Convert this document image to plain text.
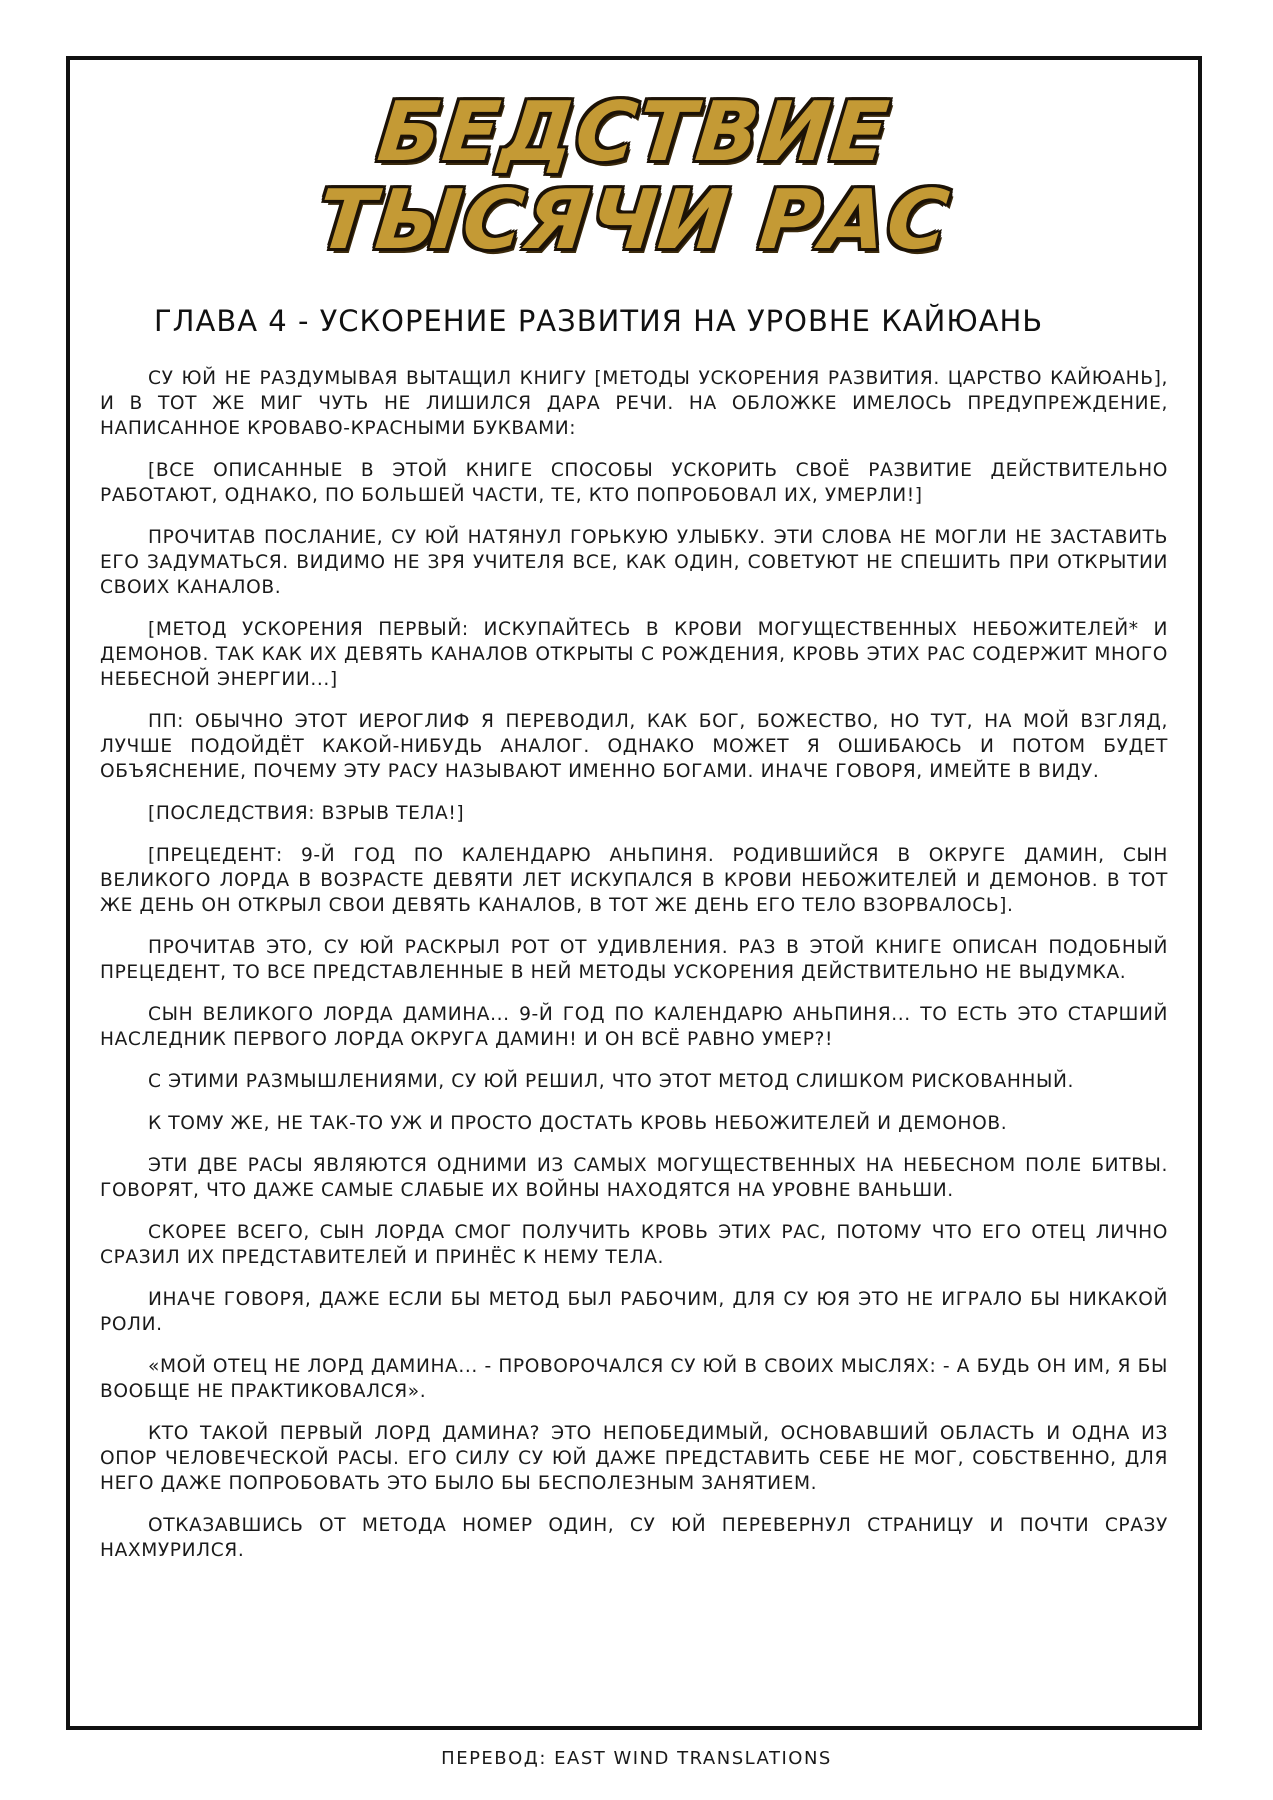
БЕДСТВИЕ
ТЫСЯЧИ РАС
ГЛАВА 4 - УСКОРЕНИЕ РАЗВИТИЯ НА УРОВНЕ КАЙЮАНЬ

СУ ЮЙ НЕ РАЗДУМЫВАЯ ВЫТАЩИЛ КНИГУ [МЕТОДЫ УСКОРЕНИЯ РАЗВИТИЯ. ЦАРСТВО КАЙЮАНЬ], И В ТОТ ЖЕ МИГ ЧУТЬ НЕ ЛИШИЛСЯ ДАРА РЕЧИ. НА ОБЛОЖКЕ ИМЕЛОСЬ ПРЕДУПРЕЖДЕНИЕ, НАПИСАННОЕ КРОВАВО-КРАСНЫМИ БУКВАМИ:

[ВСЕ ОПИСАННЫЕ В ЭТОЙ КНИГЕ СПОСОБЫ УСКОРИТЬ СВОЁ РАЗВИТИЕ ДЕЙСТВИТЕЛЬНО РАБОТАЮТ, ОДНАКО, ПО БОЛЬШЕЙ ЧАСТИ, ТЕ, КТО ПОПРОБОВАЛ ИХ, УМЕРЛИ!]

ПРОЧИТАВ ПОСЛАНИЕ, СУ ЮЙ НАТЯНУЛ ГОРЬКУЮ УЛЫБКУ. ЭТИ СЛОВА НЕ МОГЛИ НЕ ЗАСТАВИТЬ ЕГО ЗАДУМАТЬСЯ. ВИДИМО НЕ ЗРЯ УЧИТЕЛЯ ВСЕ, КАК ОДИН, СОВЕТУЮТ НЕ СПЕШИТЬ ПРИ ОТКРЫТИИ СВОИХ КАНАЛОВ.

[МЕТОД УСКОРЕНИЯ ПЕРВЫЙ: ИСКУПАЙТЕСЬ В КРОВИ МОГУЩЕСТВЕННЫХ НЕБОЖИТЕЛЕЙ* И ДЕМОНОВ. ТАК КАК ИХ ДЕВЯТЬ КАНАЛОВ ОТКРЫТЫ С РОЖДЕНИЯ, КРОВЬ ЭТИХ РАС СОДЕРЖИТ МНОГО НЕБЕСНОЙ ЭНЕРГИИ...]

ПП: ОБЫЧНО ЭТОТ ИЕРОГЛИФ Я ПЕРЕВОДИЛ, КАК БОГ, БОЖЕСТВО, НО ТУТ, НА МОЙ ВЗГЛЯД, ЛУЧШЕ ПОДОЙДЁТ КАКОЙ-НИБУДЬ АНАЛОГ. ОДНАКО МОЖЕТ Я ОШИБАЮСЬ И ПОТОМ БУДЕТ ОБЪЯСНЕНИЕ, ПОЧЕМУ ЭТУ РАСУ НАЗЫВАЮТ ИМЕННО БОГАМИ. ИНАЧЕ ГОВОРЯ, ИМЕЙТЕ В ВИДУ.

[ПОСЛЕДСТВИЯ: ВЗРЫВ ТЕЛА!]

[ПРЕЦЕДЕНТ: 9-Й ГОД ПО КАЛЕНДАРЮ АНЬПИНЯ. РОДИВШИЙСЯ В ОКРУГЕ ДАМИН, СЫН ВЕЛИКОГО ЛОРДА В ВОЗРАСТЕ ДЕВЯТИ ЛЕТ ИСКУПАЛСЯ В КРОВИ НЕБОЖИТЕЛЕЙ И ДЕМОНОВ. В ТОТ ЖЕ ДЕНЬ ОН ОТКРЫЛ СВОИ ДЕВЯТЬ КАНАЛОВ, В ТОТ ЖЕ ДЕНЬ ЕГО ТЕЛО ВЗОРВАЛОСЬ].

ПРОЧИТАВ ЭТО, СУ ЮЙ РАСКРЫЛ РОТ ОТ УДИВЛЕНИЯ. РАЗ В ЭТОЙ КНИГЕ ОПИСАН ПОДОБНЫЙ ПРЕЦЕДЕНТ, ТО ВСЕ ПРЕДСТАВЛЕННЫЕ В НЕЙ МЕТОДЫ УСКОРЕНИЯ ДЕЙСТВИТЕЛЬНО НЕ ВЫДУМКА.

СЫН ВЕЛИКОГО ЛОРДА ДАМИНА... 9-Й ГОД ПО КАЛЕНДАРЮ АНЬПИНЯ... ТО ЕСТЬ ЭТО СТАРШИЙ НАСЛЕДНИК ПЕРВОГО ЛОРДА ОКРУГА ДАМИН! И ОН ВСЁ РАВНО УМЕР?!

С ЭТИМИ РАЗМЫШЛЕНИЯМИ, СУ ЮЙ РЕШИЛ, ЧТО ЭТОТ МЕТОД СЛИШКОМ РИСКОВАННЫЙ.

К ТОМУ ЖЕ, НЕ ТАК-ТО УЖ И ПРОСТО ДОСТАТЬ КРОВЬ НЕБОЖИТЕЛЕЙ И ДЕМОНОВ.

ЭТИ ДВЕ РАСЫ ЯВЛЯЮТСЯ ОДНИМИ ИЗ САМЫХ МОГУЩЕСТВЕННЫХ НА НЕБЕСНОМ ПОЛЕ БИТВЫ. ГОВОРЯТ, ЧТО ДАЖЕ САМЫЕ СЛАБЫЕ ИХ ВОЙНЫ НАХОДЯТСЯ НА УРОВНЕ ВАНЬШИ.

СКОРЕЕ ВСЕГО, СЫН ЛОРДА СМОГ ПОЛУЧИТЬ КРОВЬ ЭТИХ РАС, ПОТОМУ ЧТО ЕГО ОТЕЦ ЛИЧНО СРАЗИЛ ИХ ПРЕДСТАВИТЕЛЕЙ И ПРИНЁС К НЕМУ ТЕЛА.

ИНАЧЕ ГОВОРЯ, ДАЖЕ ЕСЛИ БЫ МЕТОД БЫЛ РАБОЧИМ, ДЛЯ СУ ЮЯ ЭТО НЕ ИГРАЛО БЫ НИКАКОЙ РОЛИ.

«МОЙ ОТЕЦ НЕ ЛОРД ДАМИНА... - ПРОВОРОЧАЛСЯ СУ ЮЙ В СВОИХ МЫСЛЯХ: - А БУДЬ ОН ИМ, Я БЫ ВООБЩЕ НЕ ПРАКТИКОВАЛСЯ».

КТО ТАКОЙ ПЕРВЫЙ ЛОРД ДАМИНА? ЭТО НЕПОБЕДИМЫЙ, ОСНОВАВШИЙ ОБЛАСТЬ И ОДНА ИЗ ОПОР ЧЕЛОВЕЧЕСКОЙ РАСЫ. ЕГО СИЛУ СУ ЮЙ ДАЖЕ ПРЕДСТАВИТЬ СЕБЕ НЕ МОГ, СОБСТВЕННО, ДЛЯ НЕГО ДАЖЕ ПОПРОБОВАТЬ ЭТО БЫЛО БЫ БЕСПОЛЕЗНЫМ ЗАНЯТИЕМ.

ОТКАЗАВШИСЬ ОТ МЕТОДА НОМЕР ОДИН, СУ ЮЙ ПЕРЕВЕРНУЛ СТРАНИЦУ И ПОЧТИ СРАЗУ НАХМУРИЛСЯ.

ПЕРЕВОД: EAST WIND TRANSLATIONS
